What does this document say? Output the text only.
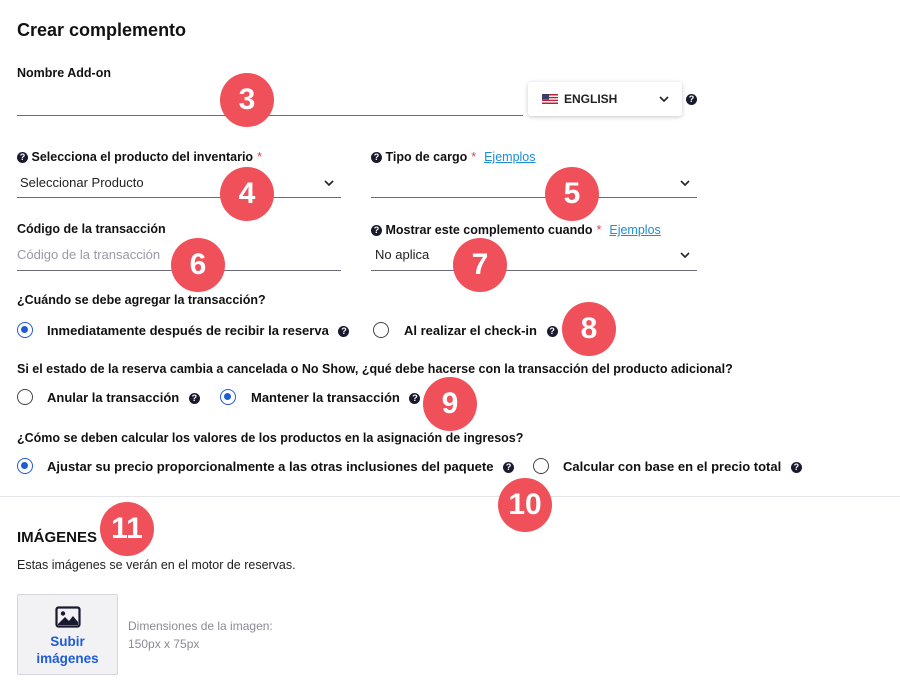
Crear complemento
Nombre Add-on
ENGLISH	?
? Selecciona el producto del inventario *
Seleccionar Producto
? Tipo de cargo * Ejemplos
Código de la transacción
Código de la transacción
? Mostrar este complemento cuando * Ejemplos
No aplica
¿Cuándo se debe agregar la transacción?
Inmediatamente después de recibir la reserva ?	Al realizar el check-in ?
Si el estado de la reserva cambia a cancelada o No Show, ¿qué debe hacerse con la transacción del producto adicional?
Anular la transacción ?	Mantener la transacción ?
¿Cómo se deben calcular los valores de los productos en la asignación de ingresos?
Ajustar su precio proporcionalmente a las otras inclusiones del paquete ?	Calcular con base en el precio total ?
IMÁGENES
Estas imágenes se verán en el motor de reservas.
Subir
imágenes
Dimensiones de la imagen:
150px x 75px
3
4	5
6	7
8
9
10
11
